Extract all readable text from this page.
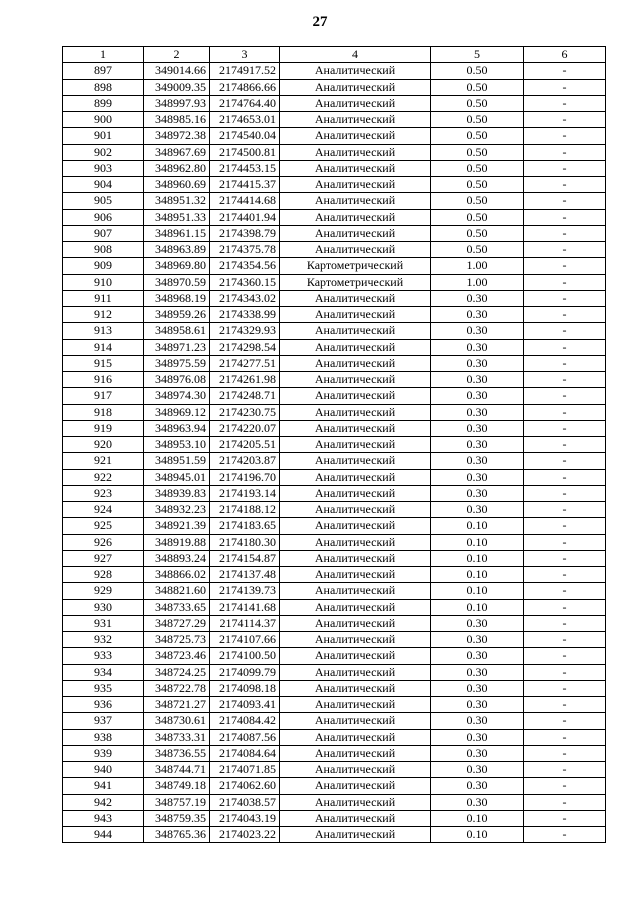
27
1	2	3	4	5	6
897	349014.66	2174917.52	Аналитический	0.50	-
898	349009.35	2174866.66	Аналитический	0.50	-
899	348997.93	2174764.40	Аналитический	0.50	-
900	348985.16	2174653.01	Аналитический	0.50	-
901	348972.38	2174540.04	Аналитический	0.50	-
902	348967.69	2174500.81	Аналитический	0.50	-
903	348962.80	2174453.15	Аналитический	0.50	-
904	348960.69	2174415.37	Аналитический	0.50	-
905	348951.32	2174414.68	Аналитический	0.50	-
906	348951.33	2174401.94	Аналитический	0.50	-
907	348961.15	2174398.79	Аналитический	0.50	-
908	348963.89	2174375.78	Аналитический	0.50	-
909	348969.80	2174354.56	Картометрический	1.00	-
910	348970.59	2174360.15	Картометрический	1.00	-
911	348968.19	2174343.02	Аналитический	0.30	-
912	348959.26	2174338.99	Аналитический	0.30	-
913	348958.61	2174329.93	Аналитический	0.30	-
914	348971.23	2174298.54	Аналитический	0.30	-
915	348975.59	2174277.51	Аналитический	0.30	-
916	348976.08	2174261.98	Аналитический	0.30	-
917	348974.30	2174248.71	Аналитический	0.30	-
918	348969.12	2174230.75	Аналитический	0.30	-
919	348963.94	2174220.07	Аналитический	0.30	-
920	348953.10	2174205.51	Аналитический	0.30	-
921	348951.59	2174203.87	Аналитический	0.30	-
922	348945.01	2174196.70	Аналитический	0.30	-
923	348939.83	2174193.14	Аналитический	0.30	-
924	348932.23	2174188.12	Аналитический	0.30	-
925	348921.39	2174183.65	Аналитический	0.10	-
926	348919.88	2174180.30	Аналитический	0.10	-
927	348893.24	2174154.87	Аналитический	0.10	-
928	348866.02	2174137.48	Аналитический	0.10	-
929	348821.60	2174139.73	Аналитический	0.10	-
930	348733.65	2174141.68	Аналитический	0.10	-
931	348727.29	2174114.37	Аналитический	0.30	-
932	348725.73	2174107.66	Аналитический	0.30	-
933	348723.46	2174100.50	Аналитический	0.30	-
934	348724.25	2174099.79	Аналитический	0.30	-
935	348722.78	2174098.18	Аналитический	0.30	-
936	348721.27	2174093.41	Аналитический	0.30	-
937	348730.61	2174084.42	Аналитический	0.30	-
938	348733.31	2174087.56	Аналитический	0.30	-
939	348736.55	2174084.64	Аналитический	0.30	-
940	348744.71	2174071.85	Аналитический	0.30	-
941	348749.18	2174062.60	Аналитический	0.30	-
942	348757.19	2174038.57	Аналитический	0.30	-
943	348759.35	2174043.19	Аналитический	0.10	-
944	348765.36	2174023.22	Аналитический	0.10	-
